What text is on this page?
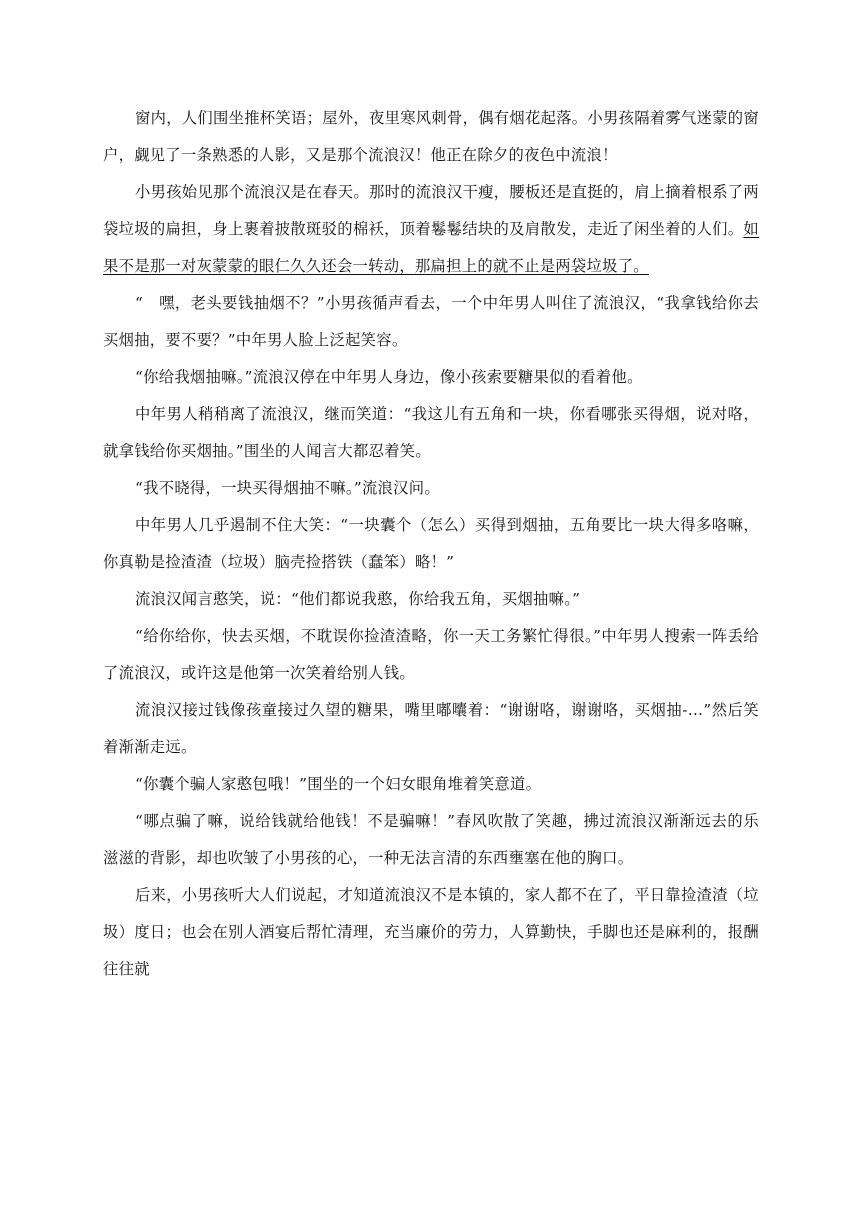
窗内，人们围坐推杯笑语；屋外，夜里寒风刺骨，偶有烟花起落。小男孩隔着雾气迷蒙的窗户，觑见了一条熟悉的人影，又是那个流浪汉！他正在除夕的夜色中流浪！

小男孩始见那个流浪汉是在春天。那时的流浪汉干瘦，腰板还是直挺的，肩上摘着根系了两袋垃圾的扁担，身上裹着披散斑驳的棉袄，顶着鬈鬈结块的及肩散发，走近了闲坐着的人们。如果不是那一对灰蒙蒙的眼仁久久还会一转动，那扁担上的就不止是两袋垃圾了。

“　嘿，老头要钱抽烟不？”小男孩循声看去，一个中年男人叫住了流浪汉，“我拿钱给你去买烟抽，要不要？”中年男人脸上泛起笑容。

“你给我烟抽嘛。”流浪汉停在中年男人身边，像小孩索要糖果似的看着他。

中年男人稍稍离了流浪汉，继而笑道：“我这儿有五角和一块，你看哪张买得烟，说对咯，就拿钱给你买烟抽。”围坐的人闻言大都忍着笑。

“我不晓得，一块买得烟抽不嘛。”流浪汉问。

中年男人几乎遏制不住大笑：“一块囊个（怎么）买得到烟抽，五角要比一块大得多咯嘛，你真勒是捡渣渣（垃圾）脑壳捡搭铁（蠢笨）略！”

流浪汉闻言憨笑，说：“他们都说我憨，你给我五角，买烟抽嘛。”

“给你给你，快去买烟，不耽误你捡渣渣略，你一天工务繁忙得很。”中年男人搜索一阵丢给了流浪汉，或许这是他第一次笑着给别人钱。

流浪汉接过钱像孩童接过久望的糖果，嘴里嘟囔着：“谢谢咯，谢谢咯，买烟抽-…”然后笑着渐渐走远。

“你囊个骗人家憨包哦！”围坐的一个妇女眼角堆着笑意道。

“哪点骗了嘛，说给钱就给他钱！不是骗嘛！”春风吹散了笑趣，拂过流浪汉渐渐远去的乐滋滋的背影，却也吹皱了小男孩的心，一种无法言清的东西壅塞在他的胸口。

后来，小男孩听大人们说起，才知道流浪汉不是本镇的，家人都不在了，平日靠捡渣渣（垃圾）度日；也会在别人酒宴后帮忙清理，充当廉价的劳力，人算勤快，手脚也还是麻利的，报酬往往就
